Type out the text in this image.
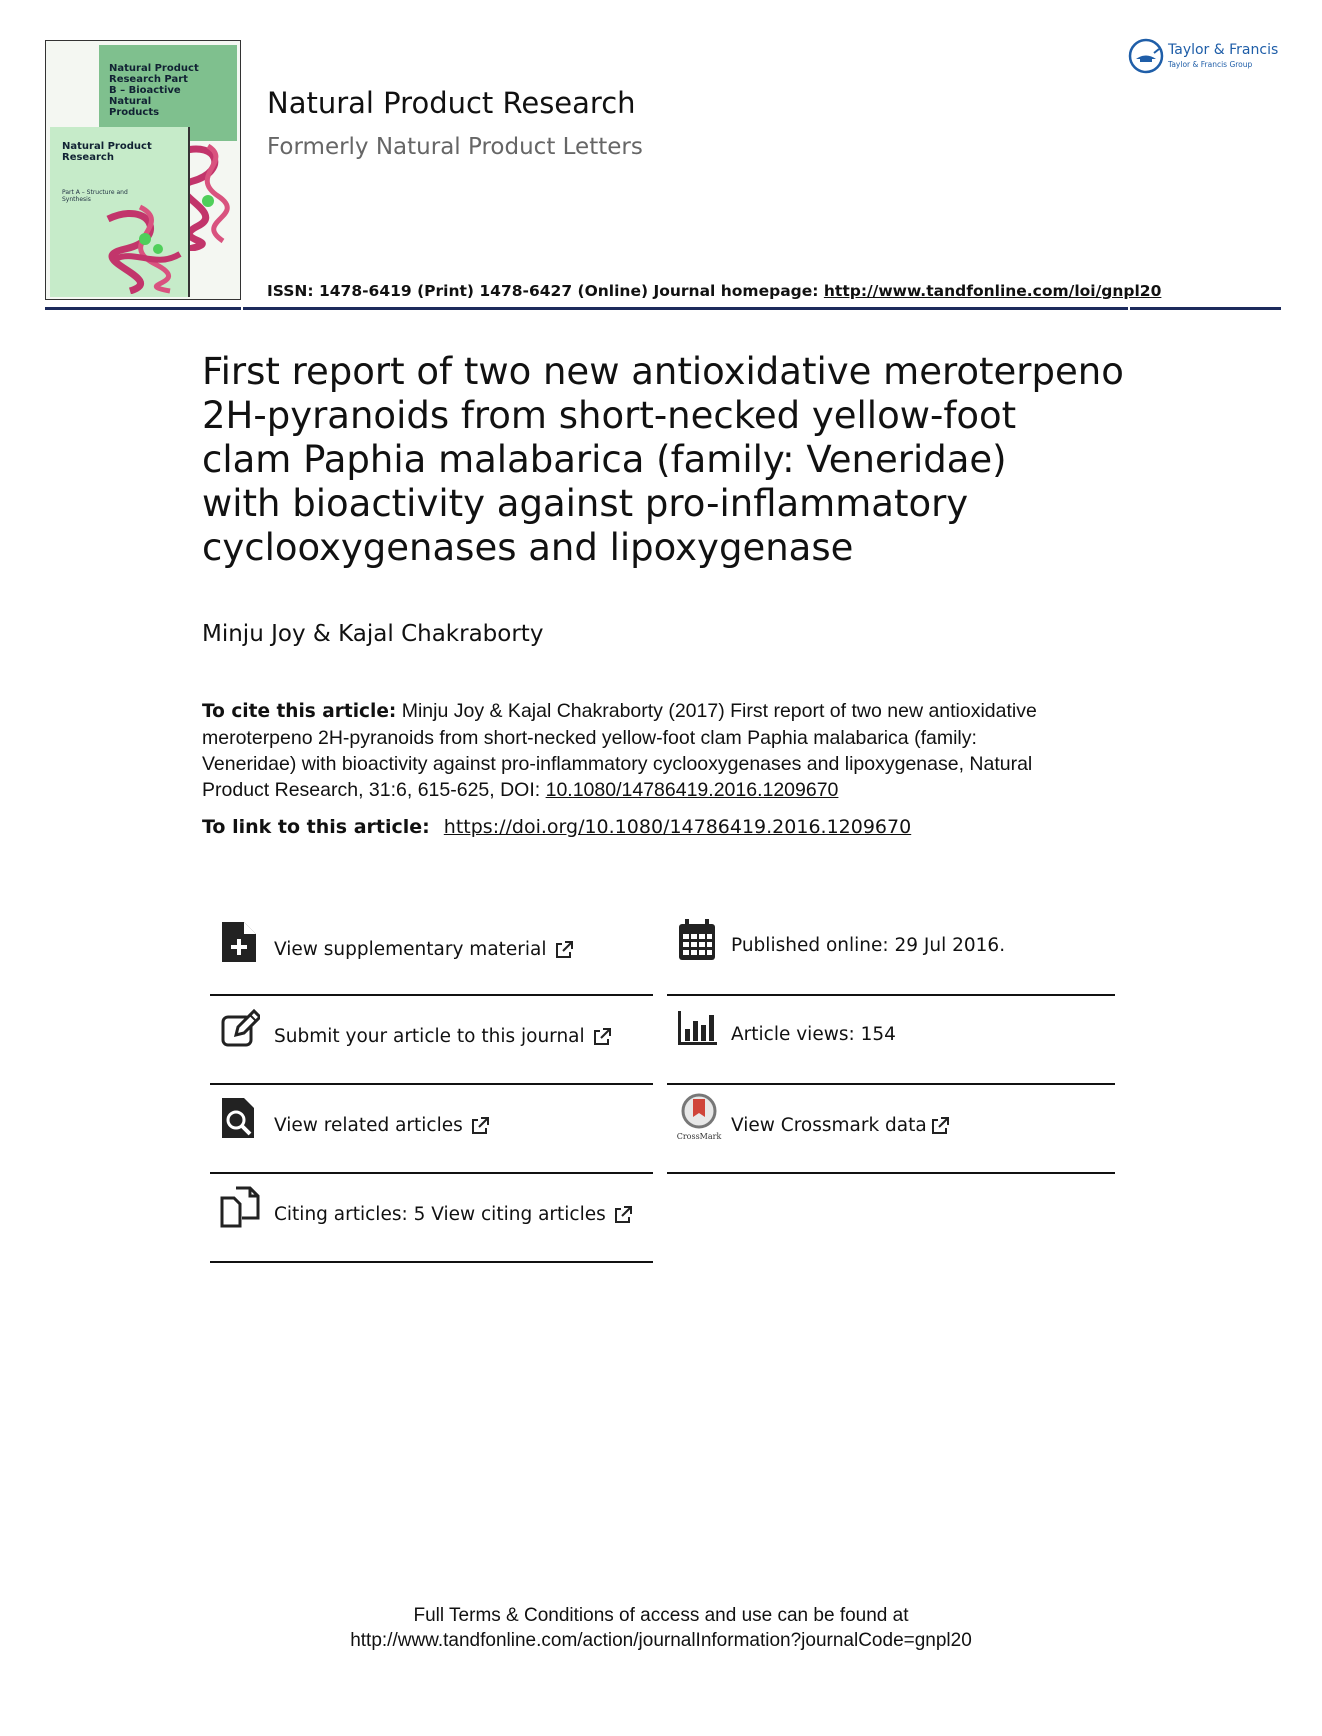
Natural Product Research Part B – Bioactive Natural Products
Natural Product Research
Part A – Structure and Synthesis
Natural Product Research
Formerly Natural Product Letters
ISSN: 1478-6419 (Print) 1478-6427 (Online) Journal homepage: http://www.tandfonline.com/loi/gnpl20
Taylor & Francis
Taylor & Francis Group
First report of two new antioxidative meroterpeno
2H-pyranoids from short-necked yellow-foot
clam Paphia malabarica (family: Veneridae)
with bioactivity against pro-inflammatory
cyclooxygenases and lipoxygenase
Minju Joy & Kajal Chakraborty
To cite this article: Minju Joy & Kajal Chakraborty (2017) First report of two new antioxidative
meroterpeno 2H-pyranoids from short-necked yellow-foot clam Paphia malabarica (family:
Veneridae) with bioactivity against pro-inflammatory cyclooxygenases and lipoxygenase, Natural
Product Research, 31:6, 615-625, DOI: 10.1080/14786419.2016.1209670
To link to this article: https://doi.org/10.1080/14786419.2016.1209670
View supplementary material	Published online: 29 Jul 2016.
Submit your article to this journal	Article views: 154
View related articles
CrossMark
View Crossmark data
Citing articles: 5 View citing articles
Full Terms & Conditions of access and use can be found at
http://www.tandfonline.com/action/journalInformation?journalCode=gnpl20
